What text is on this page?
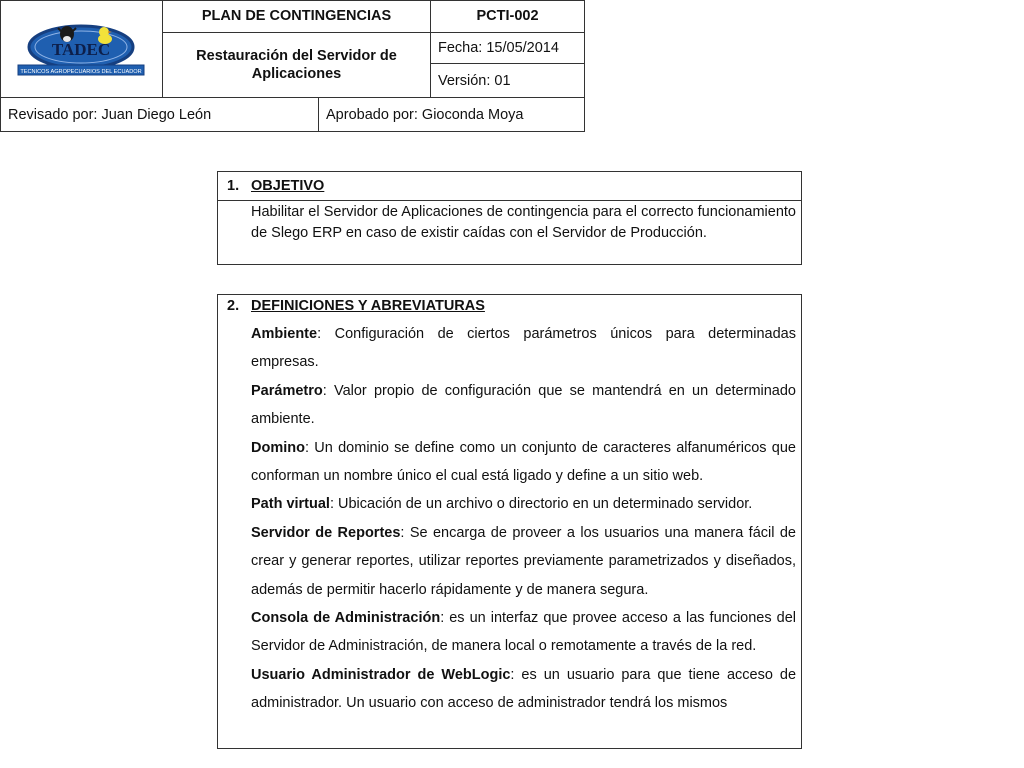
TADEC
TECNICOS AGROPECUARIOS DEL ECUADOR
PLAN DE CONTINGENCIAS	PCTI-002
Restauración del Servidor de Aplicaciones
Fecha: 15/05/2014
Versión: 01
Revisado por: Juan Diego León	Aprobado por: Gioconda Moya
1. OBJETIVO
Habilitar el Servidor de Aplicaciones de contingencia para el correcto funcionamiento de Slego ERP en caso de existir caídas con el Servidor de Producción.
2. DEFINICIONES Y ABREVIATURAS

Ambiente: Configuración de ciertos parámetros únicos para determinadas empresas.

Parámetro: Valor propio de configuración que se mantendrá en un determinado ambiente.

Domino: Un dominio se define como un conjunto de caracteres alfanuméricos que conforman un nombre único el cual está ligado y define a un sitio web.

Path virtual: Ubicación de un archivo o directorio en un determinado servidor.

Servidor de Reportes: Se encarga de proveer a los usuarios una manera fácil de crear y generar reportes, utilizar reportes previamente parametrizados y diseñados, además de permitir hacerlo rápidamente y de manera segura.

Consola de Administración: es un interfaz que provee acceso a las funciones del Servidor de Administración, de manera local o remotamente a través de la red.

Usuario Administrador de WebLogic: es un usuario para que tiene acceso de administrador. Un usuario con acceso de administrador tendrá los mismos
